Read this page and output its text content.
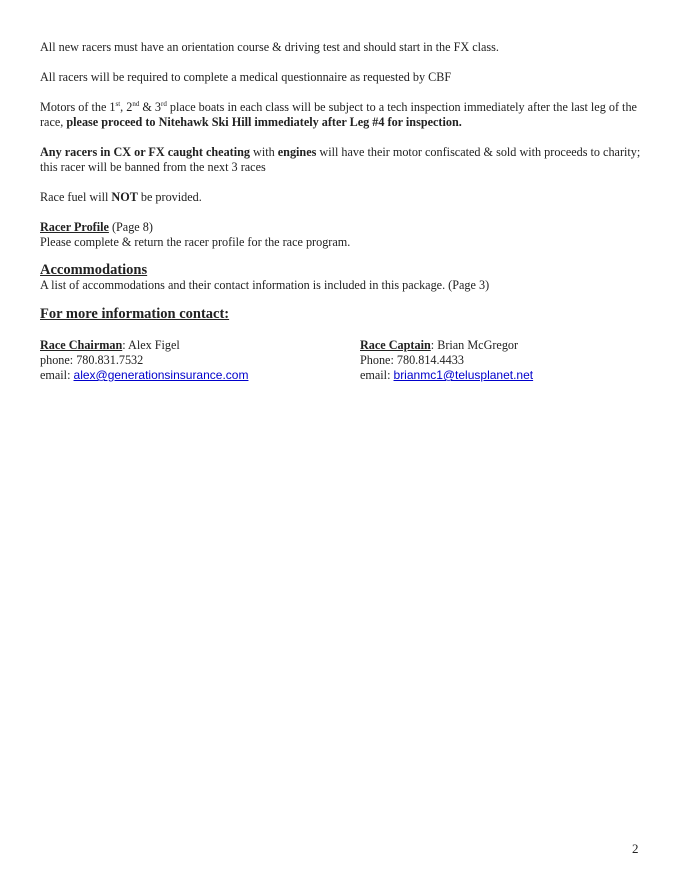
All new racers must have an orientation course & driving test and should start in the FX class.

All racers will be required to complete a medical questionnaire as requested by CBF

Motors of the 1st, 2nd & 3rd place boats in each class will be subject to a tech inspection immediately after the last leg of the race, please proceed to Nitehawk Ski Hill immediately after Leg #4 for inspection.

Any racers in CX or FX caught cheating with engines will have their motor confiscated & sold with proceeds to charity; this racer will be banned from the next 3 races

Race fuel will NOT be provided.

Racer Profile (Page 8)

Please complete & return the racer profile for the race program.

Accommodations

A list of accommodations and their contact information is included in this package. (Page 3)

For more information contact:

Race Chairman: Alex Figel
phone: 780.831.7532
email: alex@generationsinsurance.com
Race Captain: Brian McGregor
Phone: 780.814.4433
email: brianmc1@telusplanet.net
2
